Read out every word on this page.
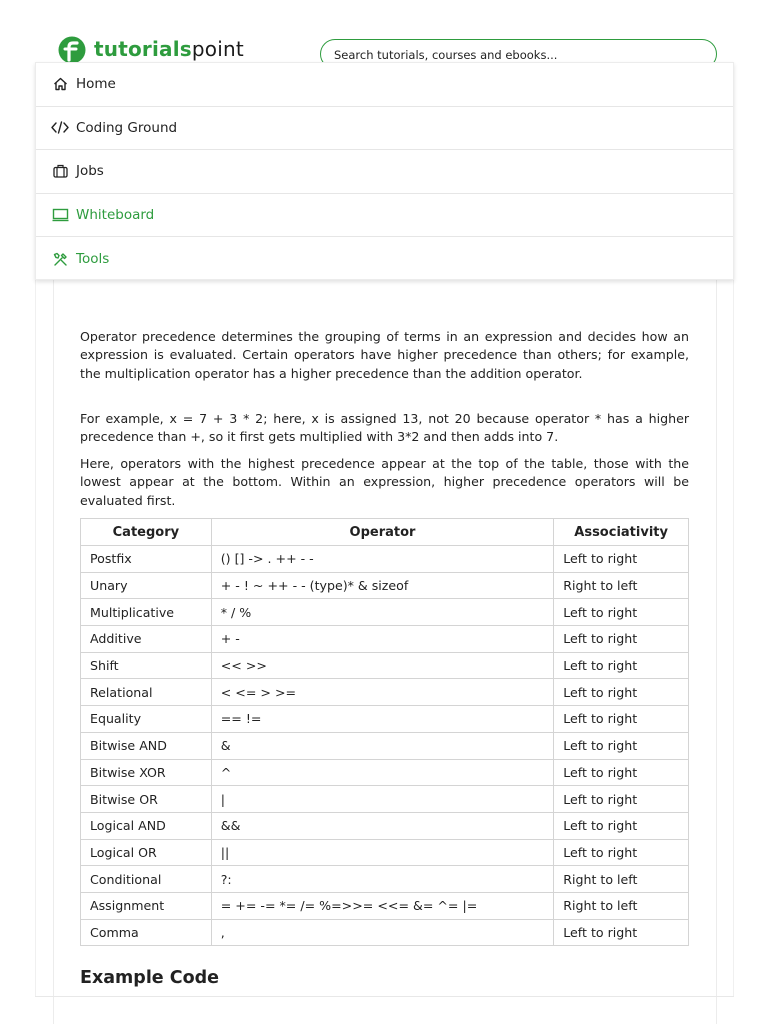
tutorialspoint
Search tutorials, courses and ebooks...
Home
Coding Ground
Jobs
Whiteboard
Tools

Operator precedence determines the grouping of terms in an expression and decides how an expression is evaluated. Certain operators have higher precedence than others; for example, the multiplication operator has a higher precedence than the addition operator.

For example, x = 7 + 3 * 2; here, x is assigned 13, not 20 because operator * has a higher precedence than +, so it first gets multiplied with 3*2 and then adds into 7.

Here, operators with the highest precedence appear at the top of the table, those with the lowest appear at the bottom. Within an expression, higher precedence operators will be evaluated first.

Category	Operator	Associativity
Postfix	() [] -> . ++ - -	Left to right
Unary	+ - ! ~ ++ - - (type)* & sizeof	Right to left
Multiplicative	* / %	Left to right
Additive	+ -	Left to right
Shift	<< >>	Left to right
Relational	< <= > >=	Left to right
Equality	== !=	Left to right
Bitwise AND	&	Left to right
Bitwise XOR	^	Left to right
Bitwise OR	|	Left to right
Logical AND	&&	Left to right
Logical OR	||	Left to right
Conditional	?:	Right to left
Assignment	= += -= *= /= %=>>= <<= &= ^= |=	Right to left
Comma	,	Left to right
Example Code
